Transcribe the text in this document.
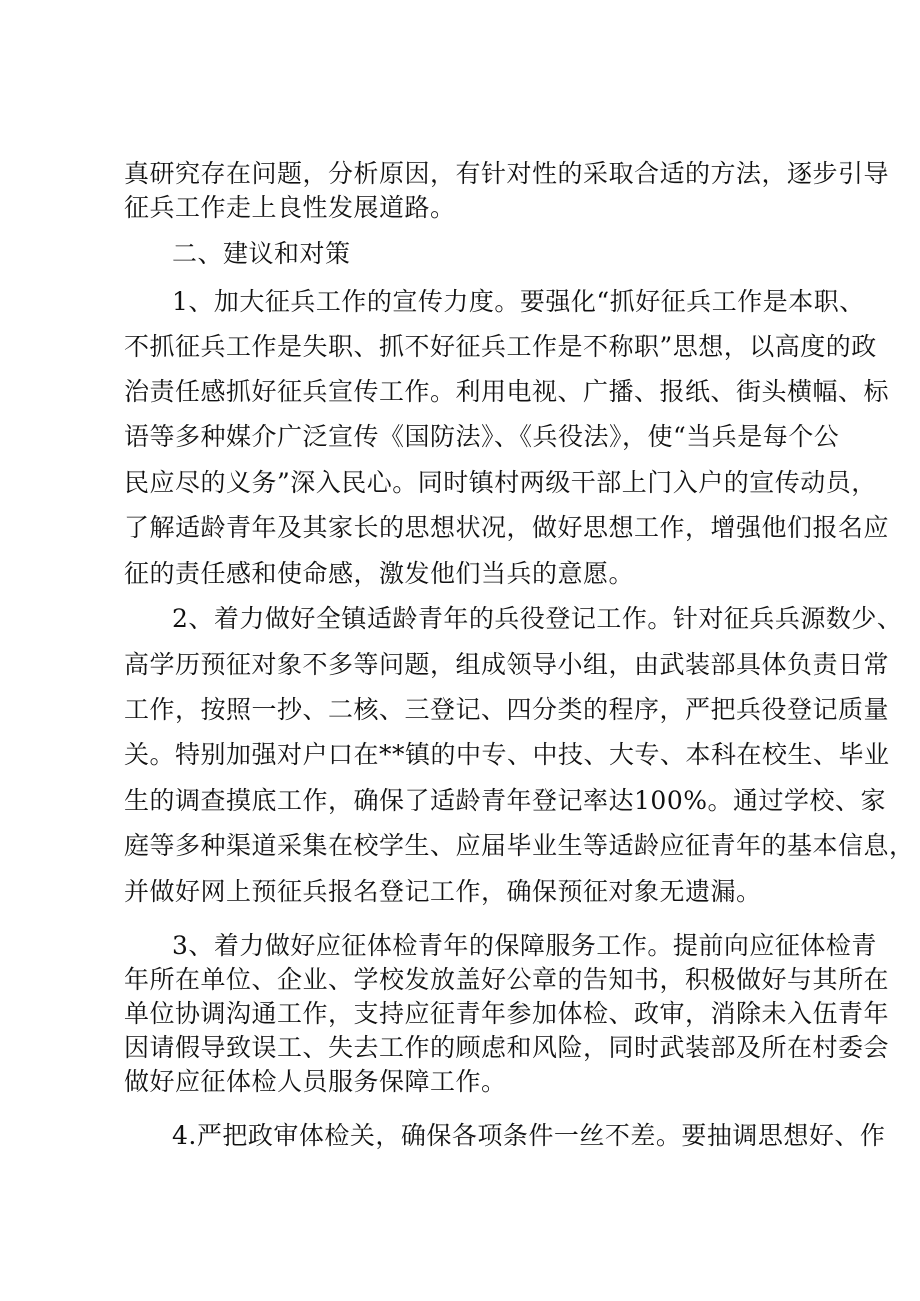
真研究存在问题，分析原因，有针对性的采取合适的方法，逐步引导
征兵工作走上良性发展道路。
二、建议和对策
1、加大征兵工作的宣传力度。要强化“抓好征兵工作是本职、
不抓征兵工作是失职、抓不好征兵工作是不称职”思想，以高度的政
治责任感抓好征兵宣传工作。利用电视、广播、报纸、街头横幅、标
语等多种媒介广泛宣传《国防法》、《兵役法》，使“当兵是每个公
民应尽的义务”深入民心。同时镇村两级干部上门入户的宣传动员，
了解适龄青年及其家长的思想状况，做好思想工作，增强他们报名应
征的责任感和使命感，激发他们当兵的意愿。
2、着力做好全镇适龄青年的兵役登记工作。针对征兵兵源数少、
高学历预征对象不多等问题，组成领导小组，由武装部具体负责日常
工作，按照一抄、二核、三登记、四分类的程序，严把兵役登记质量
关。特别加强对户口在**镇的中专、中技、大专、本科在校生、毕业
生的调查摸底工作，确保了适龄青年登记率达100%。通过学校、家
庭等多种渠道采集在校学生、应届毕业生等适龄应征青年的基本信息，
并做好网上预征兵报名登记工作，确保预征对象无遗漏。
3、着力做好应征体检青年的保障服务工作。提前向应征体检青
年所在单位、企业、学校发放盖好公章的告知书，积极做好与其所在
单位协调沟通工作，支持应征青年参加体检、政审，消除未入伍青年
因请假导致误工、失去工作的顾虑和风险，同时武装部及所在村委会
做好应征体检人员服务保障工作。
4.严把政审体检关，确保各项条件一丝不差。要抽调思想好、作
